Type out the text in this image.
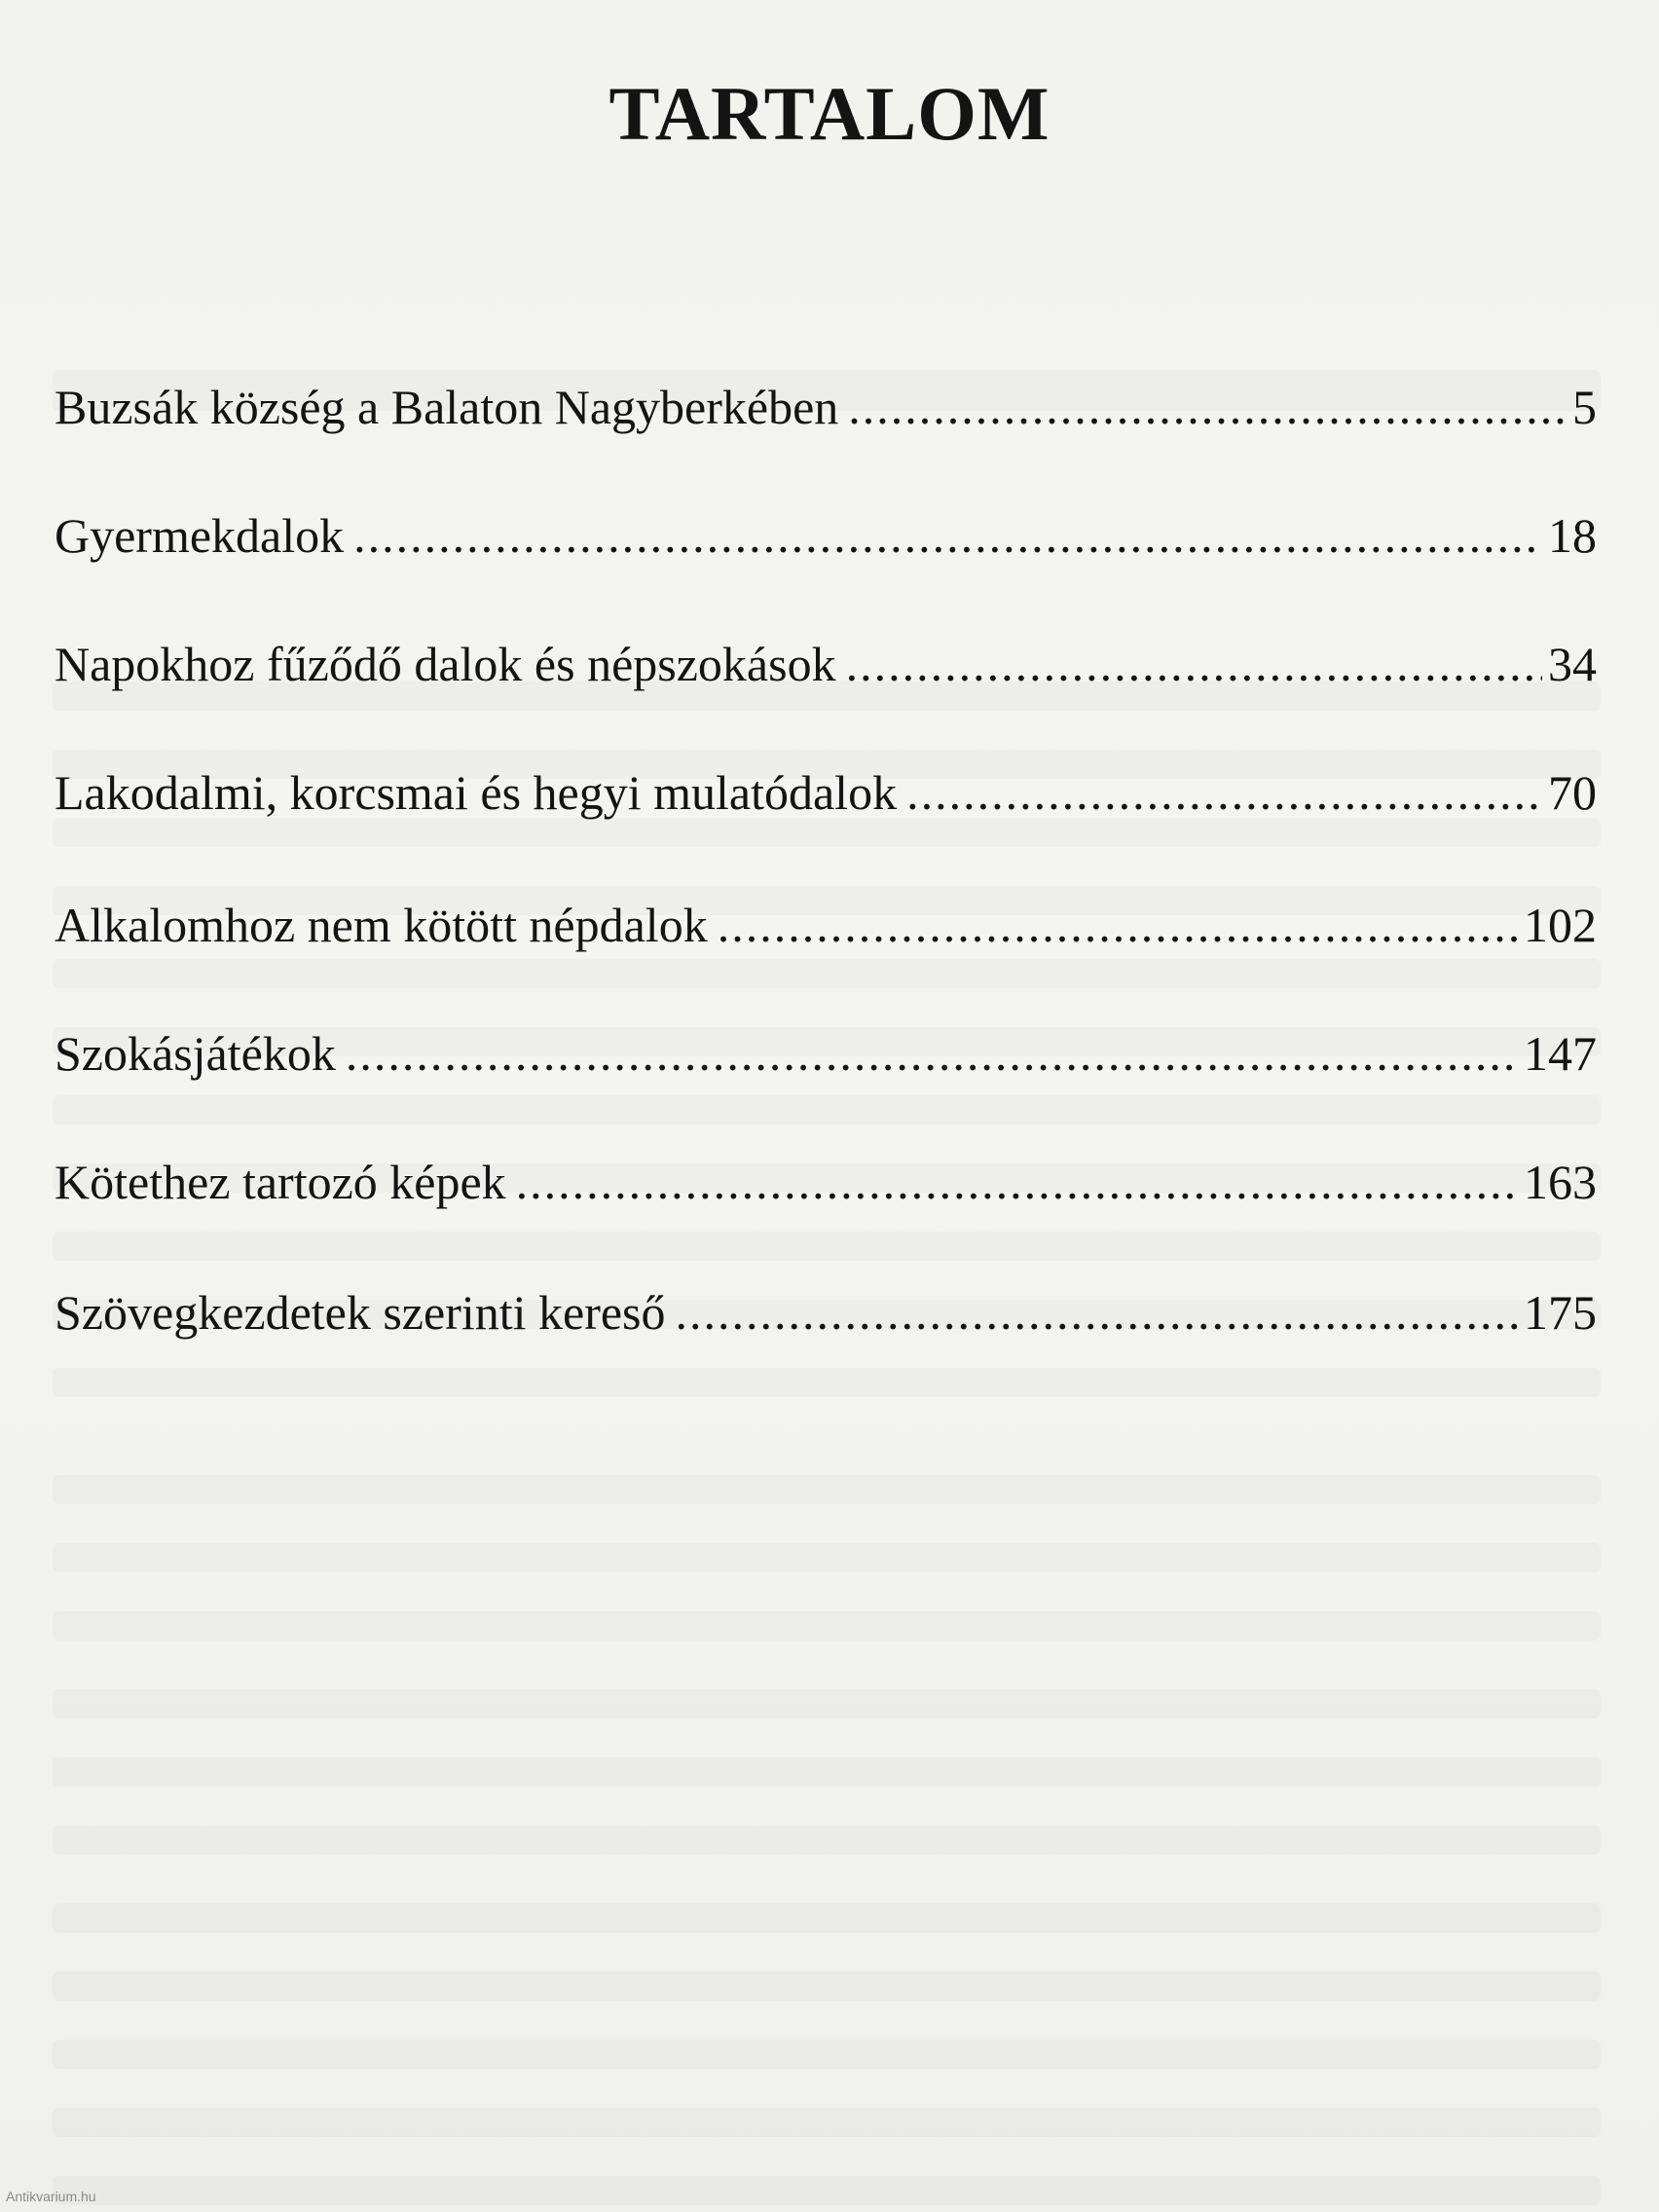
TARTALOM
Buzsák község a Balaton Nagyberkében .....	5
Gyermekdalok .....	18
Napokhoz fűződő dalok és népszokások .....	34
Lakodalmi, korcsmai és hegyi mulatódalok .....	70
Alkalomhoz nem kötött népdalok .....	102
Szokásjátékok .....	147
Kötethez tartozó képek .....	163
Szövegkezdetek szerinti kereső .....	175
Antikvarium.hu
